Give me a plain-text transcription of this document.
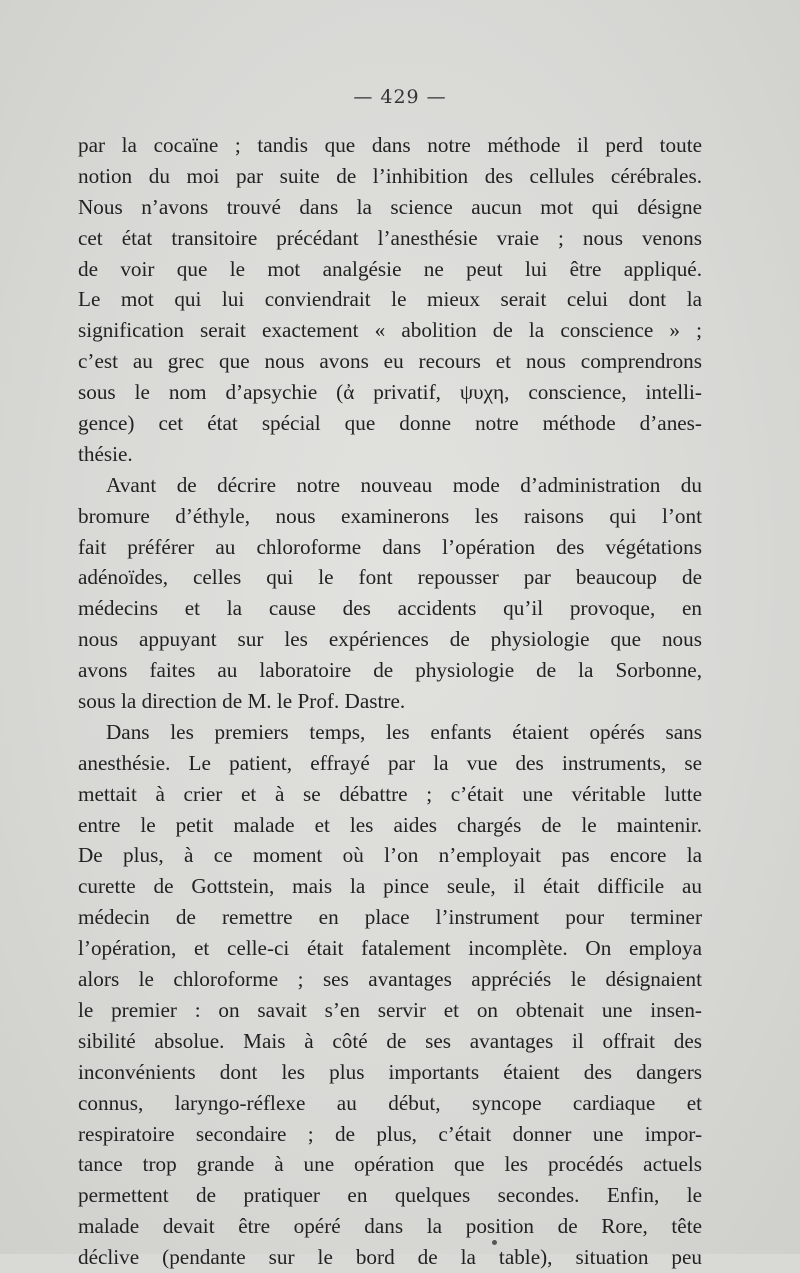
— 429 —
par la cocaïne ; tandis que dans notre méthode il perd toute
notion du moi par suite de l’inhibition des cellules cérébrales.
Nous n’avons trouvé dans la science aucun mot qui désigne
cet état transitoire précédant l’anesthésie vraie ; nous venons
de voir que le mot analgésie ne peut lui être appliqué.
Le mot qui lui conviendrait le mieux serait celui dont la
signification serait exactement « abolition de la conscience » ;
c’est au grec que nous avons eu recours et nous comprendrons
sous le nom d’apsychie (ἀ privatif, ψυχη, conscience, intelli-
gence) cet état spécial que donne notre méthode d’anes-
thésie.
Avant de décrire notre nouveau mode d’administration du
bromure d’éthyle, nous examinerons les raisons qui l’ont
fait préférer au chloroforme dans l’opération des végétations
adénoïdes, celles qui le font repousser par beaucoup de
médecins et la cause des accidents qu’il provoque, en
nous appuyant sur les expériences de physiologie que nous
avons faites au laboratoire de physiologie de la Sorbonne,
sous la direction de M. le Prof. Dastre.
Dans les premiers temps, les enfants étaient opérés sans
anesthésie. Le patient, effrayé par la vue des instruments, se
mettait à crier et à se débattre ; c’était une véritable lutte
entre le petit malade et les aides chargés de le maintenir.
De plus, à ce moment où l’on n’employait pas encore la
curette de Gottstein, mais la pince seule, il était difficile au
médecin de remettre en place l’instrument pour terminer
l’opération, et celle-ci était fatalement incomplète. On employa
alors le chloroforme ; ses avantages appréciés le désignaient
le premier : on savait s’en servir et on obtenait une insen-
sibilité absolue. Mais à côté de ses avantages il offrait des
inconvénients dont les plus importants étaient des dangers
connus, laryngo-réflexe au début, syncope cardiaque et
respiratoire secondaire ; de plus, c’était donner une impor-
tance trop grande à une opération que les procédés actuels
permettent de pratiquer en quelques secondes. Enfin, le
malade devait être opéré dans la position de Rore, tête
déclive (pendante sur le bord de la table), situation peu
